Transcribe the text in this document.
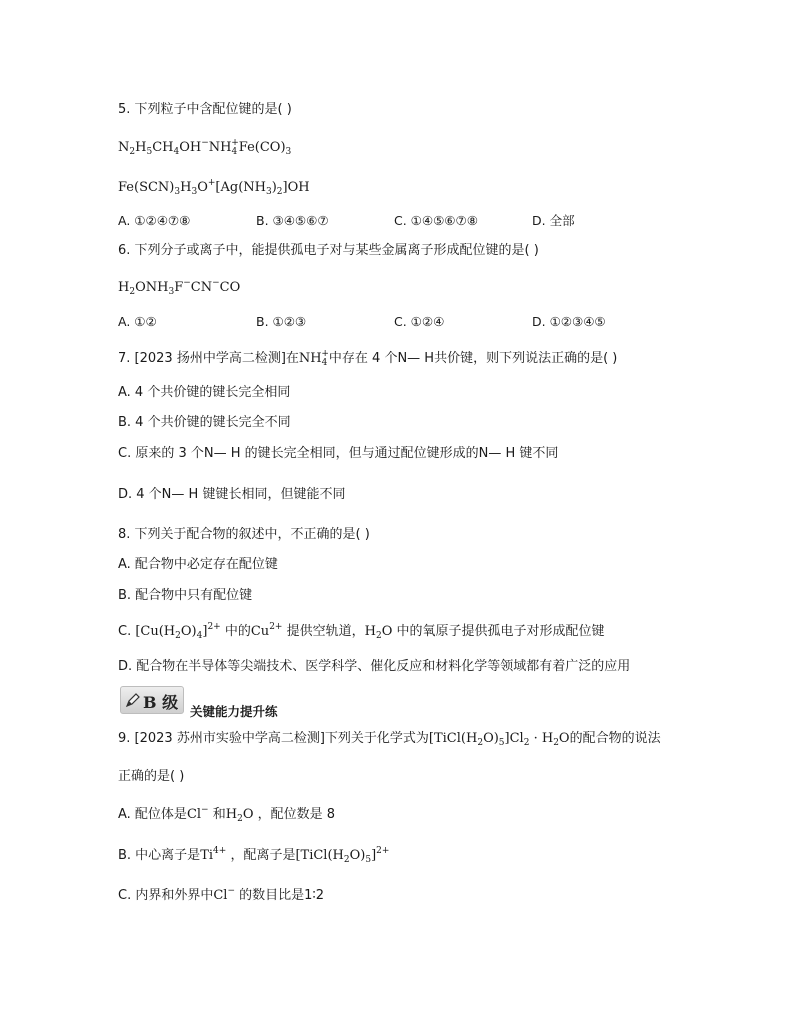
5. 下列粒子中含配位键的是( )
$N_2H_5CH_4OH^-NH_4^+Fe(CO)_3$
$Fe(SCN)_3H_3O^+[Ag(NH_3)_2]OH$
A. ①②④⑦⑧	B. ③④⑤⑥⑦	C. ①④⑤⑥⑦⑧	D. 全部
6. 下列分子或离子中，能提供孤电子对与某些金属离子形成配位键的是( )
$H_2ONH_3F^-CN^-CO$
A. ①②	B. ①②③	C. ①②④	D. ①②③④⑤
7. [2023 扬州中学高二检测]在$NH_4^+$中存在 4 个N— H共价键，则下列说法正确的是( )
A. 4 个共价键的键长完全相同
B. 4 个共价键的键长完全不同
C. 原来的 3 个N— H 的键长完全相同，但与通过配位键形成的N— H 键不同
D. 4 个N— H 键键长相同，但键能不同
8. 下列关于配合物的叙述中，不正确的是( )
A. 配合物中必定存在配位键
B. 配合物中只有配位键
C. $[Cu(H_2O)_4]^{2+}$ 中的$Cu^{2+}$ 提供空轨道，$H_2O$ 中的氧原子提供孤电子对形成配位键
D. 配合物在半导体等尖端技术、医学科学、催化反应和材料化学等领域都有着广泛的应用
B 级 关键能力提升练
9. [2023 苏州市实验中学高二检测]下列关于化学式为$[TiCl(H_2O)_5]Cl_2 \cdot H_2O$的配合物的说法
正确的是( )
A. 配位体是Cl− 和$H_2O$ ，配位数是 8
B. 中心离子是$Ti^{4+}$ ，配离子是$[TiCl(H_2O)_5]^{2+}$
C. 内界和外界中Cl− 的数目比是1∶2
